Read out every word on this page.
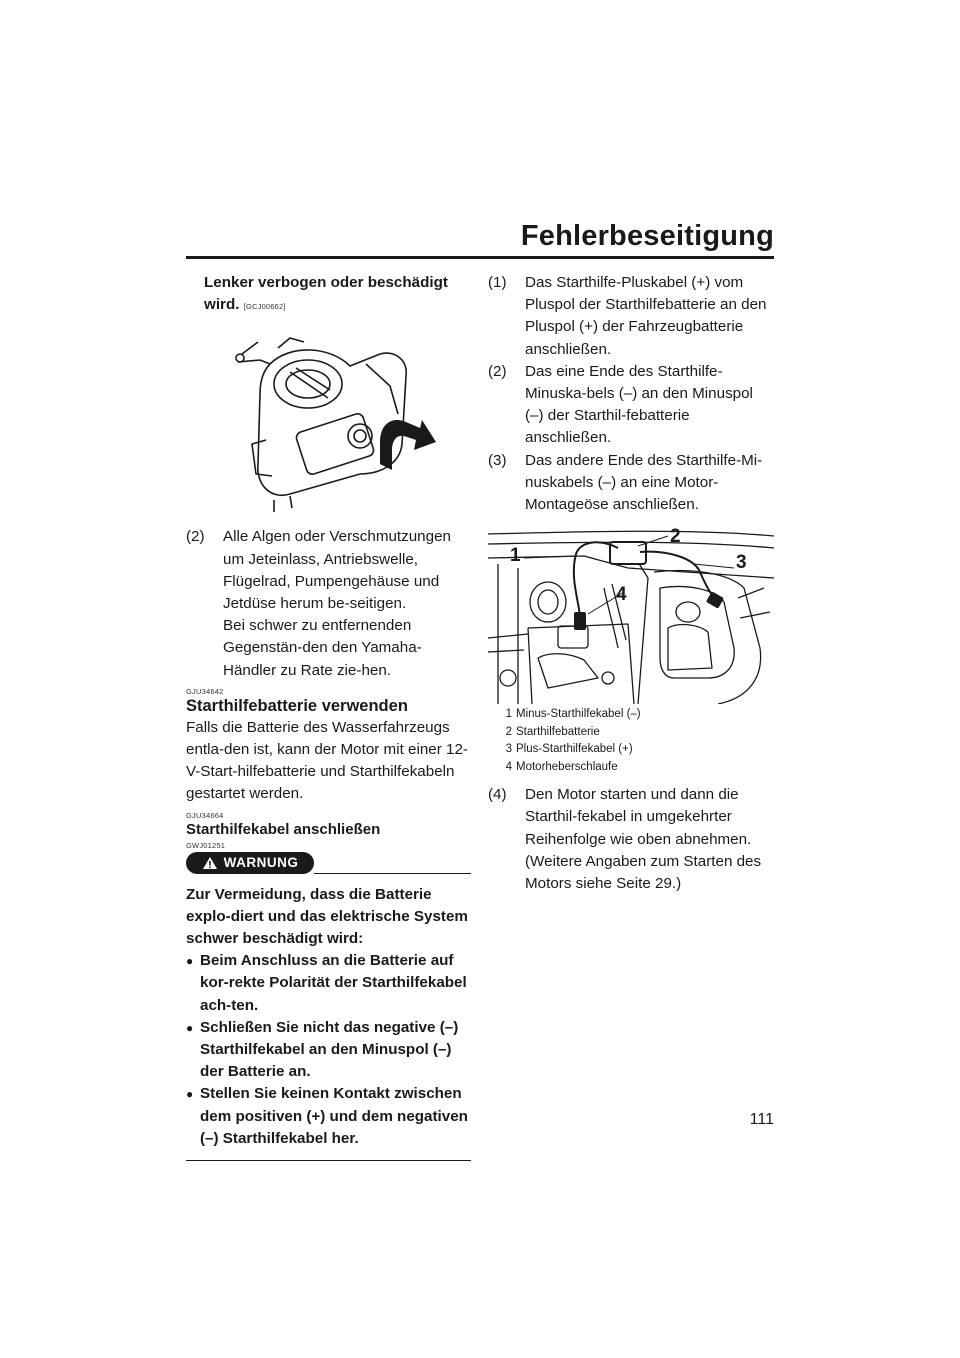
Fehlerbeseitigung

Lenker verbogen oder beschädigt

wird. [GCJ00662]

(2)	Alle Algen oder Verschmutzungen um Jeteinlass, Antriebswelle, Flügelrad, Pumpengehäuse und Jetdüse herum be-seitigen.
Bei schwer zu entfernenden Gegenstän-den den Yamaha-Händler zu Rate zie-hen.
GJU34642

Starthilfebatterie verwenden

Falls die Batterie des Wasserfahrzeugs entla-den ist, kann der Motor mit einer 12-V-Start-hilfebatterie und Starthilfekabeln gestartet werden.

GJU34664

Starthilfekabel anschließen

GWJ01251
WARNUNG
Zur Vermeidung, dass die Batterie explo-diert und das elektrische System schwer beschädigt wird:
● Beim Anschluss an die Batterie auf kor-rekte Polarität der Starthilfekabel ach-ten.
● Schließen Sie nicht das negative (–) Starthilfekabel an den Minuspol (–) der Batterie an.
● Stellen Sie keinen Kontakt zwischen dem positiven (+) und dem negativen (–) Starthilfekabel her.
(1)	Das Starthilfe-Pluskabel (+) vom Pluspol der Starthilfebatterie an den Pluspol (+) der Fahrzeugbatterie anschließen.
(2)	Das eine Ende des Starthilfe-Minuska-bels (–) an den Minuspol (–) der Starthil-febatterie anschließen.
(3)	Das andere Ende des Starthilfe-Mi-nuskabels (–) an eine Motor-Montageöse anschließen.
1
2
3
4
1 Minus-Starthilfekabel (–)
2 Starthilfebatterie
3 Plus-Starthilfekabel (+)
4 Motorheberschlaufe
(4)	Den Motor starten und dann die Starthil-fekabel in umgekehrter Reihenfolge wie oben abnehmen. (Weitere Angaben zum Starten des Motors siehe Seite 29.)
111
